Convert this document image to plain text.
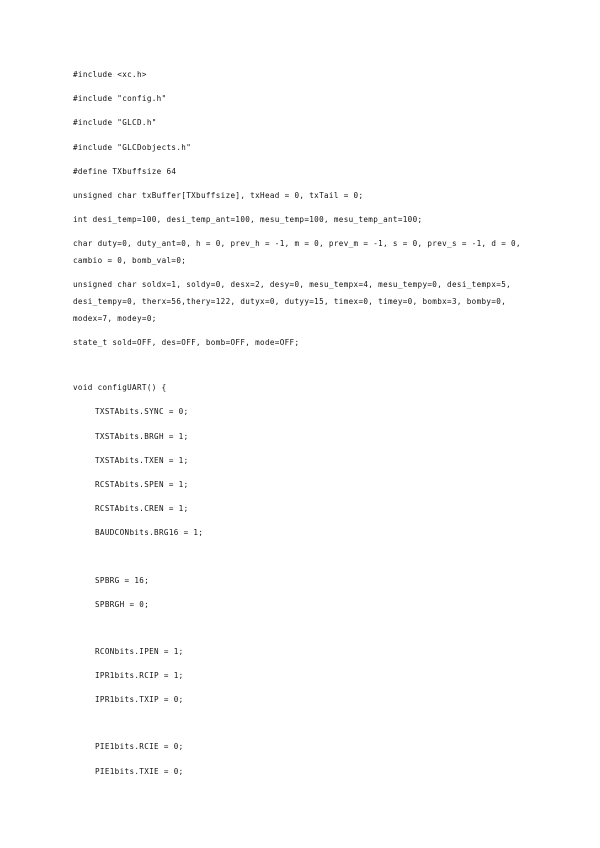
#include <xc.h>
#include "config.h"
#include "GLCD.h"
#include "GLCDobjects.h"
#define TXbuffsize 64
unsigned char txBuffer[TXbuffsize], txHead = 0, txTail = 0;
int desi_temp=100, desi_temp_ant=100, mesu_temp=100, mesu_temp_ant=100;
char duty=0, duty_ant=0, h = 0, prev_h = -1, m = 0, prev_m = -1, s = 0, prev_s = -1, d = 0, cambio = 0, bomb_val=0;
unsigned char soldx=1, soldy=0, desx=2, desy=0, mesu_tempx=4, mesu_tempy=0, desi_tempx=5, desi_tempy=0, therx=56,thery=122, dutyx=0, dutyy=15, timex=0, timey=0, bombx=3, bomby=0, modex=7, modey=0;
state_t sold=OFF, des=OFF, bomb=OFF, mode=OFF;
void configUART() {
TXSTAbits.SYNC = 0;
TXSTAbits.BRGH = 1;
TXSTAbits.TXEN = 1;
RCSTAbits.SPEN = 1;
RCSTAbits.CREN = 1;
BAUDCONbits.BRG16 = 1;
SPBRG = 16;
SPBRGH = 0;
RCONbits.IPEN = 1;
IPR1bits.RCIP = 1;
IPR1bits.TXIP = 0;
PIE1bits.RCIE = 0;
PIE1bits.TXIE = 0;
